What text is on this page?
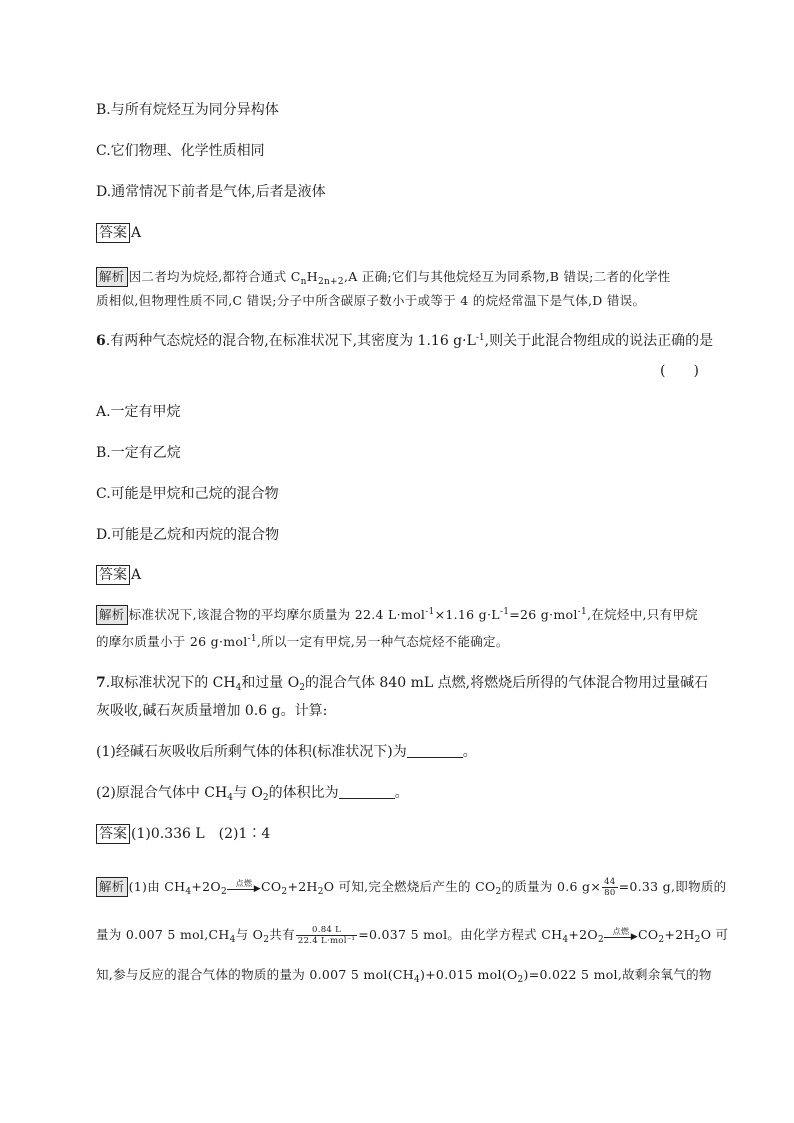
B.与所有烷烃互为同分异构体
C.它们物理、化学性质相同
D.通常情况下前者是气体,后者是液体
答案 A
解析 因二者均为烷烃,都符合通式 $C_nH_{2n+2},A$ 正确;它们与其他烷烃互为同系物,B 错误;二者的化学性
质相似,但物理性质不同,C 错误;分子中所含碳原子数小于或等于 4 的烷烃常温下是气体,D 错误。
6.有两种气态烷烃的混合物,在标准状况下,其密度为 1.16 $g\cdot L^{-1}$,则关于此混合物组成的说法正确的是
(　　)
A.一定有甲烷
B.一定有乙烷
C.可能是甲烷和己烷的混合物
D.可能是乙烷和丙烷的混合物
答案 A
解析 标准状况下,该混合物的平均摩尔质量为 22.4 L·mol$^{-1}$×1.16 $g\cdot L^{-1}=26$ g·mol$^{-1}$,在烷烃中,只有甲烷
的摩尔质量小于 26 g·mol$^{-1}$,所以一定有甲烷,另一种气态烷烃不能确定。
7.取标准状况下的 $CH_4$和过量 $O_2$的混合气体 840 mL 点燃,将燃烧后所得的气体混合物用过量碱石
灰吸收,碱石灰质量增加 0.6 g。计算:
(1)经碱石灰吸收后所剩气体的体积(标准状况下)为	。
(2)原混合气体中 $CH_4$与 $O_2$的体积比为	。
答案 (1)0.336 L　(2)1∶4
解析 (1)由 $CH_4+2O_2$
点燃
▶ $CO_2+2H_2O$ 可知,完全燃烧后产生的 $CO_2$的质量为 0.6 $g\times \frac{44}{80} =0.33$ g,即物质的
量为 0.007 5 $mol,CH_4$与 $O_2$共有 $\frac{0.84 L}{\text{22.4 L·mol⁻¹}} =0.037$ 5 mol。由化学方程式 $CH_4+2O_2$
点燃
▶ $CO_2+2H_2O$ 可
知,参与反应的混合气体的物质的量为 0.007 5 $mol(CH_4)+0.015$ $mol(O_2)=0.022$ 5 mol,故剩余氧气的物
